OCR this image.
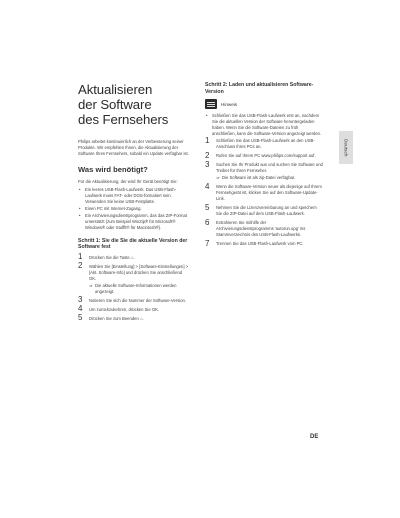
Aktualisieren
der Software
des Fernsehers

Philips arbeitet kontinuierlich an der Verbesserung seiner Produkte. Wir empfehlen Ihnen, die Aktualisierung der Software Ihres Fernsehers, sobald ein Update verfügbar ist.

Was wird benötigt?

Für die Aktualisierung, der wird Ihr Gerät benötigt Sie:

• Ein leeres USB-Flash-Laufwerk. Das USB-Flash-Laufwerk muss FAT- oder DOS-formatiert sein. Verwenden Sie keine USB-Festplatte.
• Einen PC mit Internet-Zugang.
• Ein Archivierungsdienstprogramm, das das ZIP-Format unterstützt (zum Beispiel WinZip® für Microsoft® Windows® oder Stufflt® für Macintosh®).
Schritt 1: Sie die Sie die aktuelle Version der Software fest
1 Drücken Sie die Taste ⌂.
2 Wählen Sie [Einstellung] > [Software-Einstellungen] > [Akt. Software-Info] und drücken Sie anschließend OK.
⇒ Die aktuelle Software-Informationen werden angezeigt.
3 Notieren Sie sich die Nummer der Software-Version.
4 Um zurückzukehren, drücken Sie OK.
5 Drücken Sie zum Beenden ⌂.
Schritt 2: Laden und aktualisieren Software-Version
Hinweis
• Schließen Sie das USB-Flash-Laufwerk erst an, nachdem Sie die aktuellen Version der Software heruntergeladen haben. Wenn Sie die Software-Dateien zu früh anschließen, kann die Software-Version angezeigt werden.
1 Schließen Sie das USB-Flash-Laufwerk an den USB-Anschluss Ihres PCs an.
2 Rufen Sie auf Ihrem PC www.philips.com/support auf.
3 Suchen Sie Ihr Produkt aus und suchen Sie Software und Treiber für Ihren Fernseher.
⇒ Die Software ist als zip-Datei verfügbar.
4 Wenn die Software-Version neuer als diejenige auf Ihrem Fernsehgerät ist, klicken Sie auf den Software-Update-Link.
5 Nehmen Sie die Lizenzvereinbarung an und speichern Sie die ZIP-Datei auf dem USB-Flash-Laufwerk.
6 Extrahieren Sie mithilfe der Archivierungsdienstprogramms 'autorun.upg' ins Stammverzeichnis des USB-Flash-Laufwerks.
7 Trennen Sie das USB-Flash-Laufwerk vom PC.
Deutsch
DE
